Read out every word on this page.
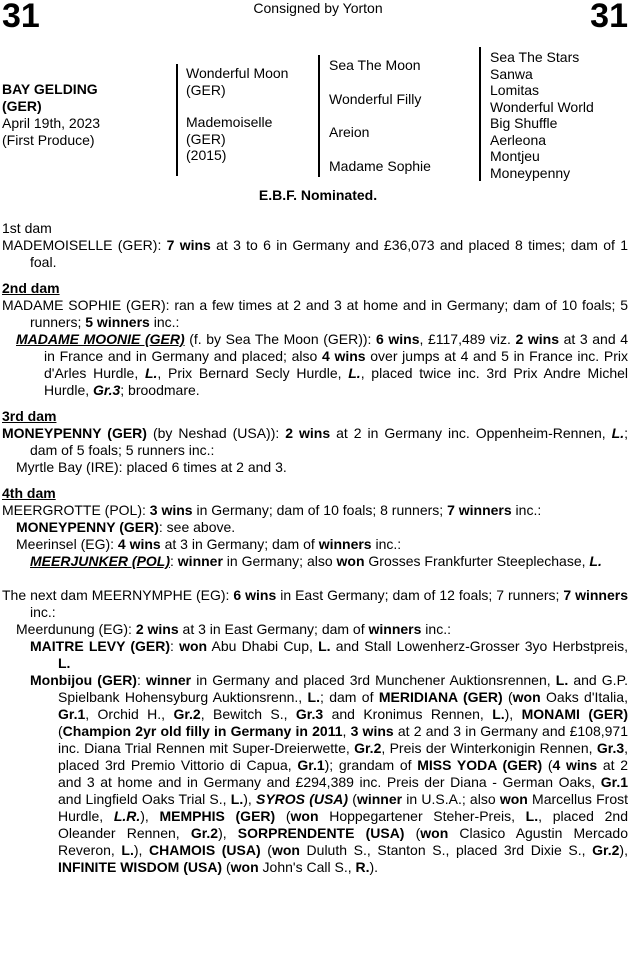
31	Consigned by Yorton	31
BAY GELDING
(GER)
April 19th, 2023
(First Produce)
Wonderful Moon
(GER)
Mademoiselle
(GER)
(2015)
Sea The Moon
Wonderful Filly
Areion
Madame Sophie
Sea The Stars
Sanwa
Lomitas
Wonderful World
Big Shuffle
Aerleona
Montjeu
Moneypenny
E.B.F. Nominated.

1st dam

MADEMOISELLE (GER): 7 wins at 3 to 6 in Germany and £36,073 and placed 8 times; dam of 1 foal.

2nd dam

MADAME SOPHIE (GER): ran a few times at 2 and 3 at home and in Germany; dam of 10 foals; 5 runners; 5 winners inc.:

MADAME MOONIE (GER) (f. by Sea The Moon (GER)): 6 wins, £117,489 viz. 2 wins at 3 and 4 in France and in Germany and placed; also 4 wins over jumps at 4 and 5 in France inc. Prix d'Arles Hurdle, L., Prix Bernard Secly Hurdle, L., placed twice inc. 3rd Prix Andre Michel Hurdle, Gr.3; broodmare.

3rd dam

MONEYPENNY (GER) (by Neshad (USA)): 2 wins at 2 in Germany inc. Oppenheim-Rennen, L.; dam of 5 foals; 5 runners inc.:

Myrtle Bay (IRE): placed 6 times at 2 and 3.

4th dam

MEERGROTTE (POL): 3 wins in Germany; dam of 10 foals; 8 runners; 7 winners inc.:

MONEYPENNY (GER): see above.

Meerinsel (EG): 4 wins at 3 in Germany; dam of winners inc.:

MEERJUNKER (POL): winner in Germany; also won Grosses Frankfurter Steeplechase, L.

The next dam MEERNYMPHE (EG): 6 wins in East Germany; dam of 12 foals; 7 runners; 7 winners inc.:

Meerdunung (EG): 2 wins at 3 in East Germany; dam of winners inc.:

MAITRE LEVY (GER): won Abu Dhabi Cup, L. and Stall Lowenherz-Grosser 3yo Herbstpreis, L.

Monbijou (GER): winner in Germany and placed 3rd Munchener Auktionsrennen, L. and G.P. Spielbank Hohensyburg Auktionsrenn., L.; dam of MERIDIANA (GER) (won Oaks d'Italia, Gr.1, Orchid H., Gr.2, Bewitch S., Gr.3 and Kronimus Rennen, L.), MONAMI (GER) (Champion 2yr old filly in Germany in 2011, 3 wins at 2 and 3 in Germany and £108,971 inc. Diana Trial Rennen mit Super-Dreierwette, Gr.2, Preis der Winterkonigin Rennen, Gr.3, placed 3rd Premio Vittorio di Capua, Gr.1); grandam of MISS YODA (GER) (4 wins at 2 and 3 at home and in Germany and £294,389 inc. Preis der Diana - German Oaks, Gr.1 and Lingfield Oaks Trial S., L.), SYROS (USA) (winner in U.S.A.; also won Marcellus Frost Hurdle, L.R.), MEMPHIS (GER) (won Hoppegartener Steher-Preis, L., placed 2nd Oleander Rennen, Gr.2), SORPRENDENTE (USA) (won Clasico Agustin Mercado Reveron, L.), CHAMOIS (USA) (won Duluth S., Stanton S., placed 3rd Dixie S., Gr.2), INFINITE WISDOM (USA) (won John's Call S., R.).
